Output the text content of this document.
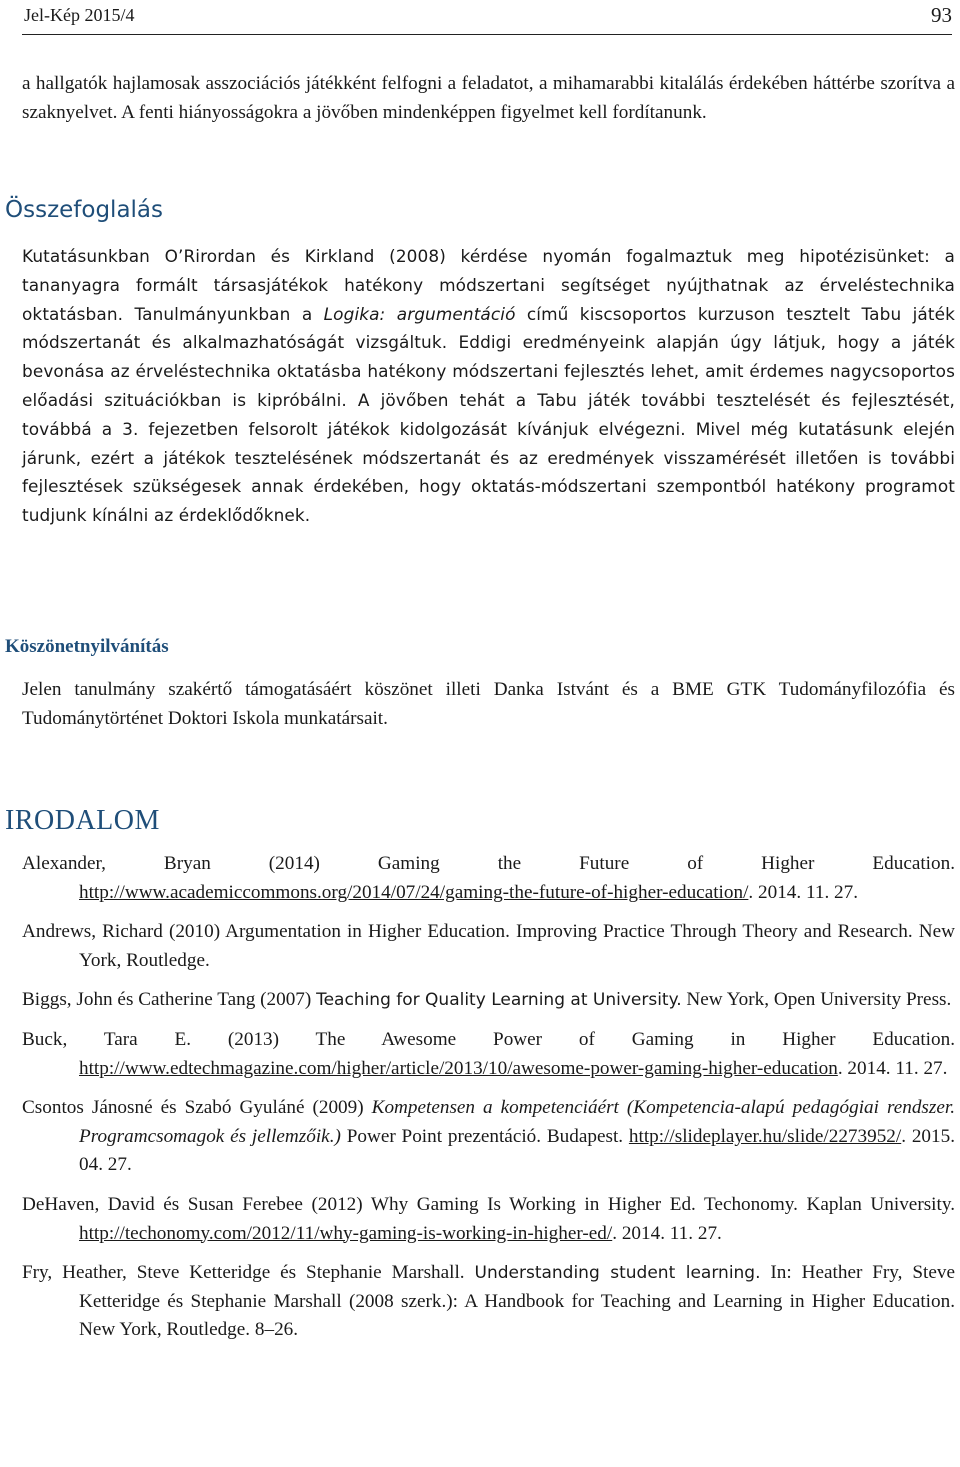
Jel-Kép 2015/4	93
a hallgatók hajlamosak asszociációs játékként felfogni a feladatot, a mihamarabbi kitalálás érdekében háttérbe szorítva a szaknyelvet. A fenti hiányosságokra a jövőben mindenképpen figyelmet kell fordítanunk.
Összefoglalás
Kutatásunkban O’Rirordan és Kirkland (2008) kérdése nyomán fogalmaztuk meg hipotézisünket: a tananyagra formált társasjátékok hatékony módszertani segítséget nyújthatnak az érveléstechnika oktatásban. Tanulmányunkban a Logika: argumentáció című kiscsoportos kurzuson tesztelt Tabu játék módszertanát és alkalmazhatóságát vizsgáltuk. Eddigi eredményeink alapján úgy látjuk, hogy a játék bevonása az érveléstechnika oktatásba hatékony módszertani fejlesztés lehet, amit érdemes nagycsoportos előadási szituációkban is kipróbálni. A jövőben tehát a Tabu játék további tesztelését és fejlesztését, továbbá a 3. fejezetben felsorolt játékok kidolgozását kívánjuk elvégezni. Mivel még kutatásunk elején járunk, ezért a játékok tesztelésének módszertanát és az eredmények visszamérését illetően is további fejlesztések szükségesek annak érdekében, hogy oktatás-módszertani szempontból hatékony programot tudjunk kínálni az érdeklődőknek.
Köszönetnyilvánítás
Jelen tanulmány szakértő támogatásáért köszönet illeti Danka Istvánt és a BME GTK Tudományfilozófia és Tudománytörténet Doktori Iskola munkatársait.
IRODALOM
Alexander, Bryan (2014) Gaming the Future of Higher Education. http://www.academiccommons.org/2014/07/24/gaming-the-future-of-higher-education/. 2014. 11. 27.
Andrews, Richard (2010) Argumentation in Higher Education. Improving Practice Through Theory and Research. New York, Routledge.
Biggs, John és Catherine Tang (2007) Teaching for Quality Learning at University. New York, Open University Press.
Buck, Tara E. (2013) The Awesome Power of Gaming in Higher Education. http://www.edtechmagazine.com/higher/article/2013/10/awesome-power-gaming-higher-education. 2014. 11. 27.
Csontos Jánosné és Szabó Gyuláné (2009) Kompetensen a kompetenciáért (Kompetencia-alapú pedagógiai rendszer. Programcsomagok és jellemzőik.) Power Point prezentáció. Budapest. http://slideplayer.hu/slide/2273952/. 2015. 04. 27.
DeHaven, David és Susan Ferebee (2012) Why Gaming Is Working in Higher Ed. Techonomy. Kaplan University. http://techonomy.com/2012/11/why-gaming-is-working-in-higher-ed/. 2014. 11. 27.
Fry, Heather, Steve Ketteridge és Stephanie Marshall. Understanding student learning. In: Heather Fry, Steve Ketteridge és Stephanie Marshall (2008 szerk.): A Handbook for Teaching and Learning in Higher Education. New York, Routledge. 8–26.
